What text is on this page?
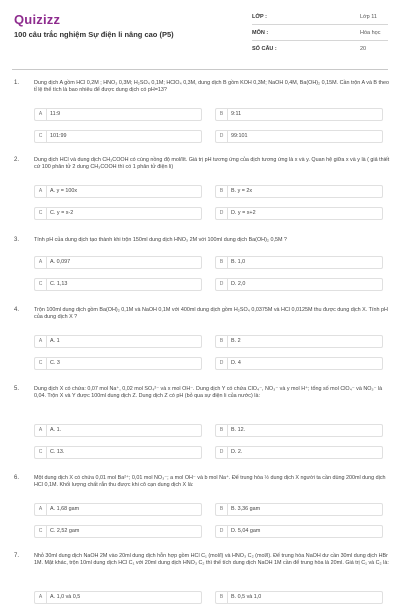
Quizizz
100 câu trắc nghiệm Sự điện li nâng cao (P5)
LỚP :	Lớp 11
MÔN :	Hóa học
SỐ CÂU :	20
1.	Dung dịch A gồm HCl 0,2M ; HNO₃ 0,3M; H₂SO₄ 0,1M; HClO₄ 0,3M, dung dịch B gồm KOH 0,3M; NaOH 0,4M, Ba(OH)₂ 0,15M. Cần trộn A và B theo tỉ lệ thể tích là bao nhiêu để được dung dịch có pH=13?
A	11:9	B	9:11
C	101:99	D	99:101
2.	Dung dịch HCl và dung dịch CH₃COOH có cùng nồng độ mol/lít. Giá trị pH tương ứng của dịch tương ứng là x và y. Quan hệ giữa x và y là ( giả thiết cứ 100 phân tử 2 dung CH₃COOH thì có 1 phân tử điện li)
A	A. y = 100x	B	B. y = 2x
C	C. y = x-2	D	D. y = x+2
3.	Tính pH của dung dịch tạo thành khi trộn 150ml dung dịch HNO₃ 2M với 100ml dung dịch Ba(OH)₂ 0,5M ?
A	A. 0,097	B	B. 1,0
C	C. 1,13	D	D. 2,0
4.	Trộn 100ml dung dịch gồm Ba(OH)₂ 0,1M và NaOH 0,1M với 400ml dung dịch gồm H₂SO₄ 0,0375M và HCl 0,0125M thu được dung dịch X. Tính pH của dung dịch X ?
A	A. 1	B	B. 2
C	C. 3	D	D. 4
5.	Dung dịch X có chứa: 0,07 mol Na⁺, 0,02 mol SO₄²⁻ và x mol OH⁻. Dung dịch Y có chứa ClO₄⁻, NO₃⁻ và y mol H⁺; tổng số mol ClO₄⁻ và NO₃⁻ là 0,04. Trộn X và Y được 100ml dung dịch Z. Dung dịch Z có pH (bỏ qua sự điện li của nước) là:
A	A. 1.	B	B. 12.
C	C. 13.	D	D. 2.
6.	Một dung dịch X có chứa 0,01 mol Ba²⁺; 0,01 mol NO₃⁻; a mol OH⁻ và b mol Na⁺. Để trung hòa ½ dung dịch X người ta cần dùng 200ml dung dịch HCl 0,1M. Khối lượng chất rắn thu được khi cô cạn dung dịch X là:
A	A. 1,68 gam	B	B. 3,36 gam
C	C. 2,52 gam	D	D. 5,04 gam
7.	Nhỏ 30ml dung dịch NaOH 2M vào 20ml dung dịch hỗn hợp gồm HCl C₁ (mol/l) và HNO₃ C₂ (mol/l). Để trung hòa NaOH dư cần 30ml dung dịch HBr 1M. Mặt khác, trộn 10ml dung dịch HCl C₁ với 20ml dung dịch HNO₃ C₂ thì thể tích dung dịch NaOH 1M cần để trung hòa là 20ml. Giá trị C₁ và C₂ là:
A	A. 1,0 và 0,5	B	B. 0,5 và 1,0
